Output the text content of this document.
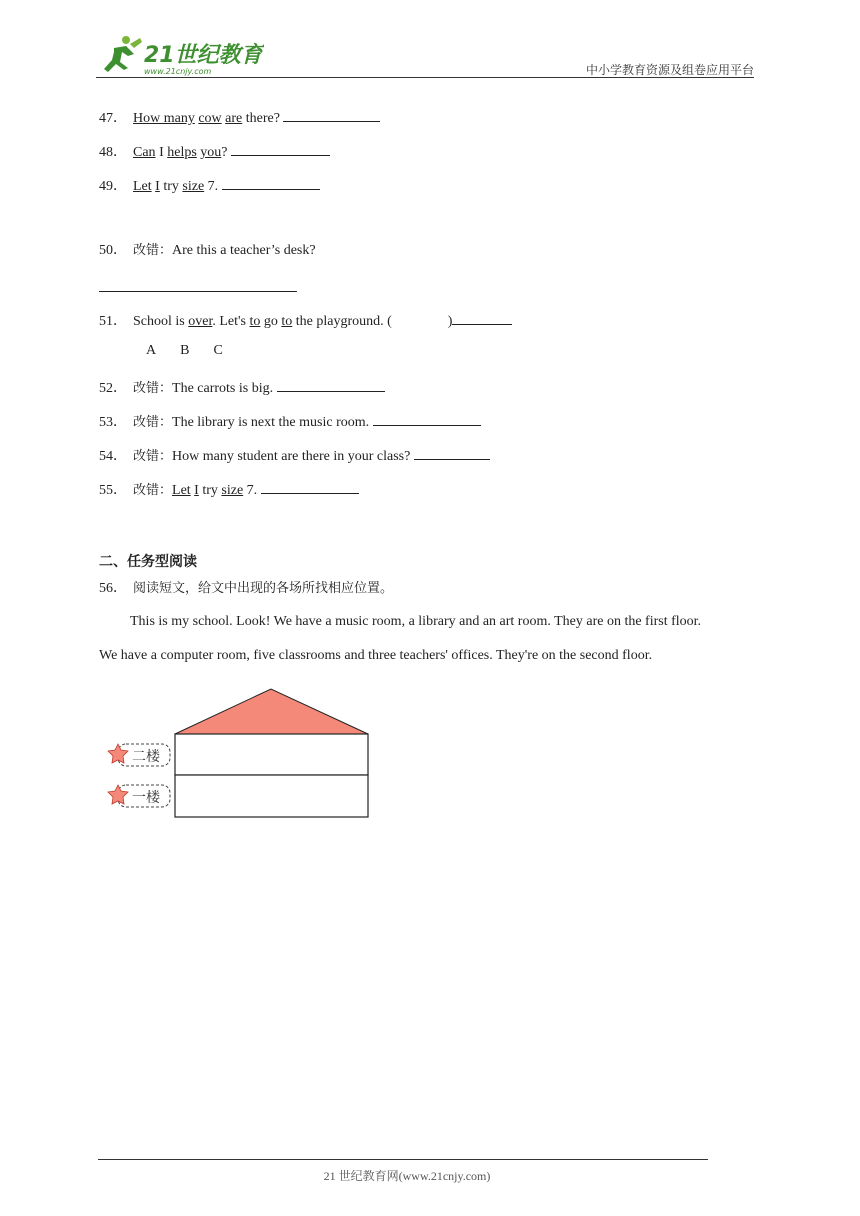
21世纪教育
www.21cnjy.com	中小学教育资源及组卷应用平台
47． How many cow are there?
48． Can I helps you?
49． Let I try size 7.
50． 改错：Are this a teacher’s desk?
51． School is over. Let's to go to the playground. (	)
A B C
52． 改错：The carrots is big.
53． 改错：The library is next the music room.
54． 改错：How many student are there in your class?
55． 改错：Let I try size 7.
二、任务型阅读
56． 阅读短文，给文中出现的各场所找相应位置。
This is my school. Look! We have a music room, a library and an art room. They are on the first floor.
We have a computer room, five classrooms and three teachers' offices. They're on the second floor.
二楼
一楼
21 世纪教育网(www.21cnjy.com)
